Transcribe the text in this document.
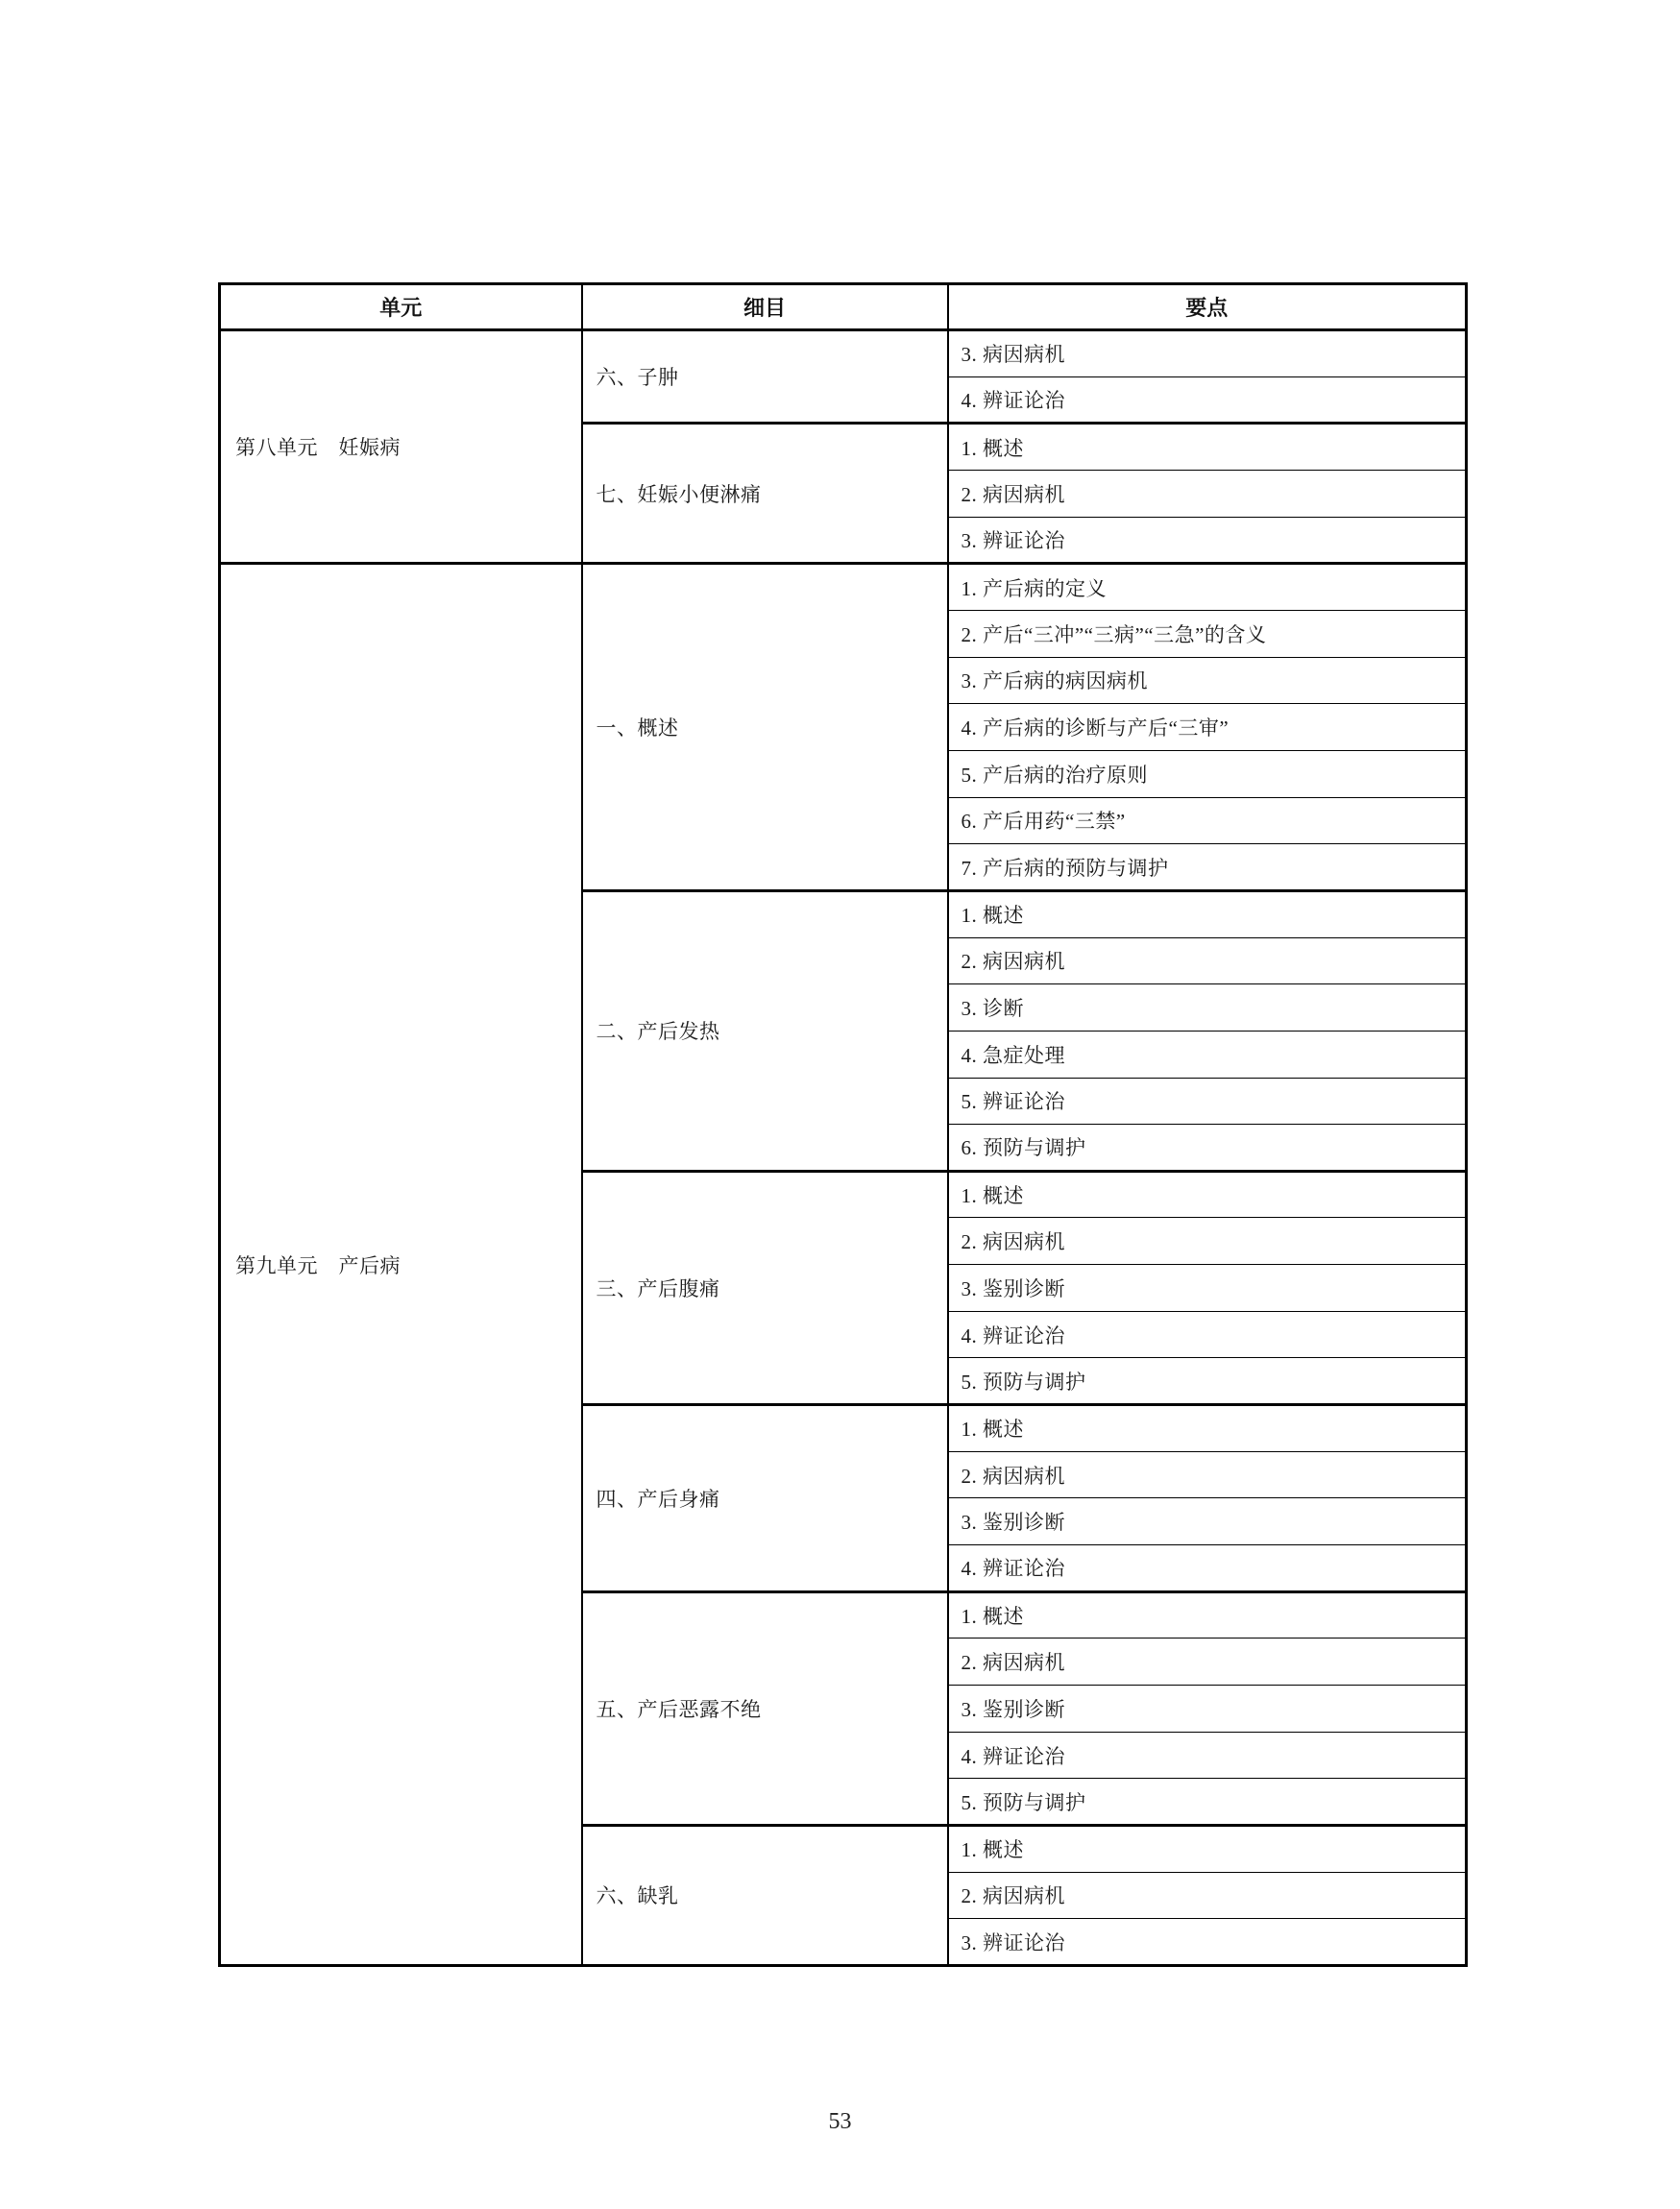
单元	细目	要点
第八单元　妊娠病	六、子肿	3. 病因病机
		4. 辨证论治
	七、妊娠小便淋痛	1. 概述
		2. 病因病机
		3. 辨证论治
第九单元　产后病	一、概述	1. 产后病的定义
		2. 产后“三冲”“三病”“三急”的含义
		3. 产后病的病因病机
		4. 产后病的诊断与产后“三审”
		5. 产后病的治疗原则
		6. 产后用药“三禁”
		7. 产后病的预防与调护
	二、产后发热	1. 概述
		2. 病因病机
		3. 诊断
		4. 急症处理
		5. 辨证论治
		6. 预防与调护
	三、产后腹痛	1. 概述
		2. 病因病机
		3. 鉴别诊断
		4. 辨证论治
		5. 预防与调护
	四、产后身痛	1. 概述
		2. 病因病机
		3. 鉴别诊断
		4. 辨证论治
	五、产后恶露不绝	1. 概述
		2. 病因病机
		3. 鉴别诊断
		4. 辨证论治
		5. 预防与调护
	六、缺乳	1. 概述
		2. 病因病机
		3. 辨证论治
53
